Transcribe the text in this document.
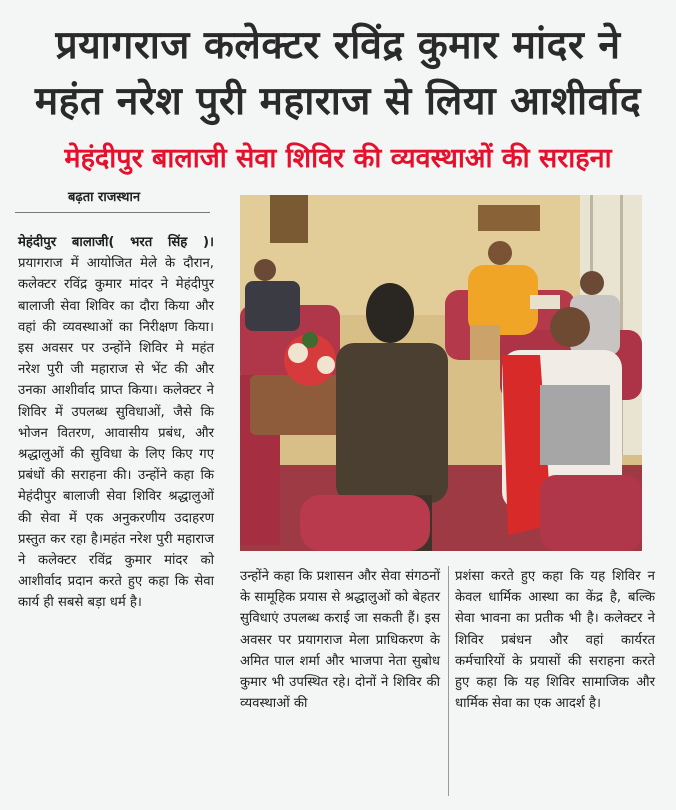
प्रयागराज कलेक्टर रविंद्र कुमार मांदर ने
महंत नरेश पुरी महाराज से लिया आशीर्वाद
मेहंदीपुर बालाजी सेवा शिविर की व्यवस्थाओं की सराहना
बढ़ता राजस्थान
मेहंदीपुर बालाजी( भरत सिंह )। प्रयागराज में आयोजित मेले के दौरान, कलेक्टर रविंद्र कुमार मांदर ने मेहंदीपुर बालाजी सेवा शिविर का दौरा किया और वहां की व्यवस्थाओं का निरीक्षण किया। इस अवसर पर उन्होंने शिविर मे महंत नरेश पुरी जी महाराज से भेंट की और उनका आशीर्वाद प्राप्त किया। कलेक्टर ने शिविर में उपलब्ध सुविधाओं, जैसे कि भोजन वितरण, आवासीय प्रबंध, और श्रद्धालुओं की सुविधा के लिए किए गए प्रबंधों की सराहना की। उन्होंने कहा कि मेहंदीपुर बालाजी सेवा शिविर श्रद्धालुओं की सेवा में एक अनुकरणीय उदाहरण प्रस्तुत कर रहा है।महंत नरेश पुरी महाराज ने कलेक्टर रविंद्र कुमार मांदर को आशीर्वाद प्रदान करते हुए कहा कि सेवा कार्य ही सबसे बड़ा धर्म है।
उन्होंने कहा कि प्रशासन और सेवा संगठनों के सामूहिक प्रयास से श्रद्धालुओं को बेहतर सुविधाएं उपलब्ध कराई जा सकती हैं। इस अवसर पर प्रयागराज मेला प्राधिकरण के अमित पाल शर्मा और भाजपा नेता सुबोध कुमार भी उपस्थित रहे। दोनों ने शिविर की व्यवस्थाओं की
प्रशंसा करते हुए कहा कि यह शिविर न केवल धार्मिक आस्था का केंद्र है, बल्कि सेवा भावना का प्रतीक भी है। कलेक्टर ने शिविर प्रबंधन और वहां कार्यरत कर्मचारियों के प्रयासों की सराहना करते हुए कहा कि यह शिविर सामाजिक और धार्मिक सेवा का एक आदर्श है।
